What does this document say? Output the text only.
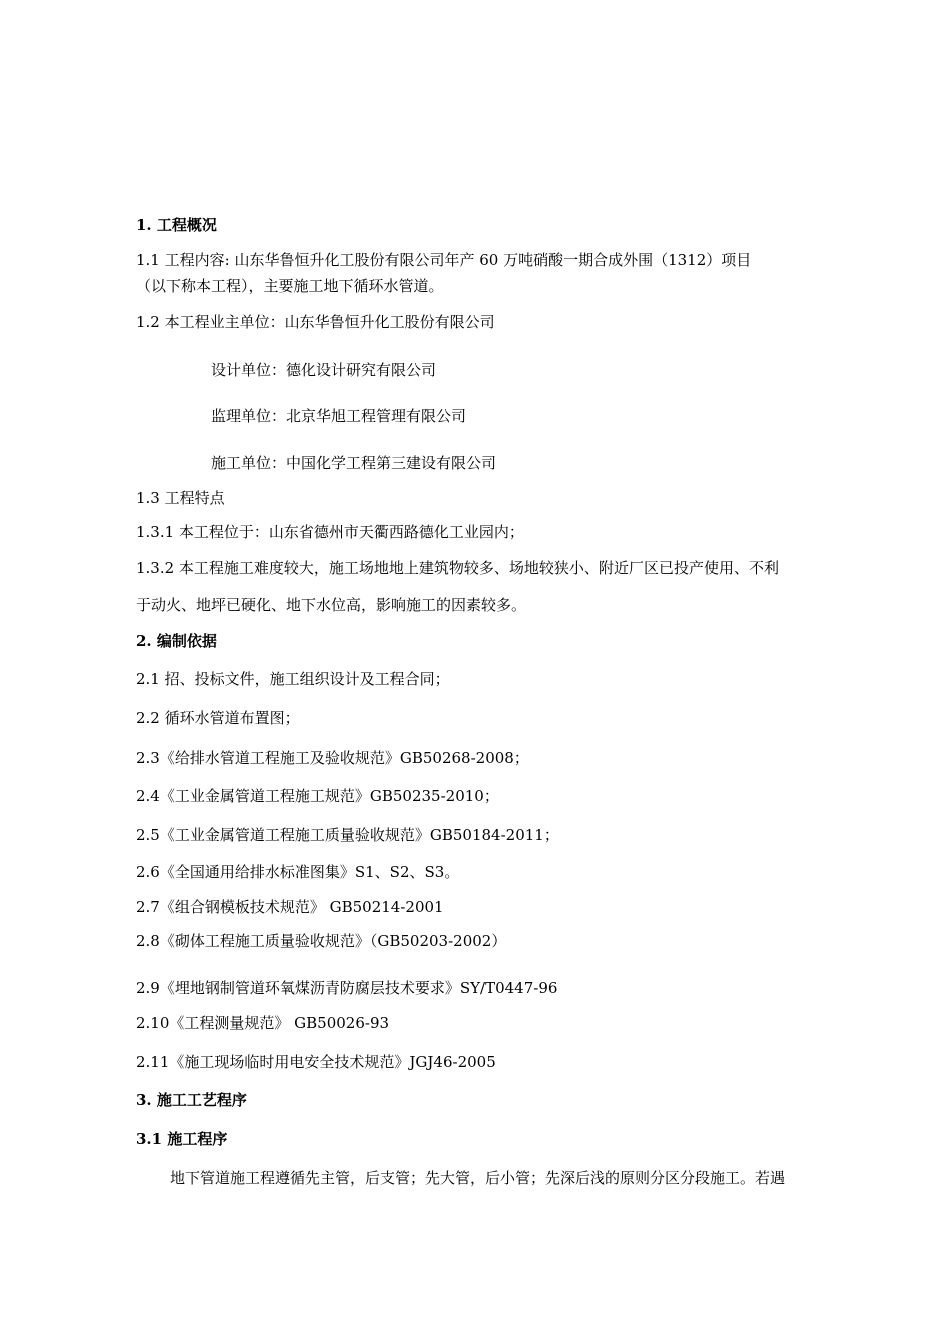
1. 工程概况
1.1 工程内容: 山东华鲁恒升化工股份有限公司年产 60 万吨硝酸一期合成外围（1312）项目
（以下称本工程），主要施工地下循环水管道。
1.2 本工程业主单位：山东华鲁恒升化工股份有限公司
设计单位：德化设计研究有限公司
监理单位：北京华旭工程管理有限公司
施工单位：中国化学工程第三建设有限公司
1.3 工程特点
1.3.1 本工程位于：山东省德州市天衢西路德化工业园内；
1.3.2 本工程施工难度较大，施工场地地上建筑物较多、场地较狭小、附近厂区已投产使用、不利
于动火、地坪已硬化、地下水位高，影响施工的因素较多。
2. 编制依据
2.1 招、投标文件，施工组织设计及工程合同；
2.2 循环水管道布置图；
2.3《给排水管道工程施工及验收规范》GB50268-2008；
2.4《工业金属管道工程施工规范》GB50235-2010；
2.5《工业金属管道工程施工质量验收规范》GB50184-2011；
2.6《全国通用给排水标准图集》S1、S2、S3。
2.7《组合钢模板技术规范》 GB50214-2001
2.8《砌体工程施工质量验收规范》（GB50203-2002）
2.9《埋地钢制管道环氧煤沥青防腐层技术要求》SY/T0447-96
2.10《工程测量规范》 GB50026-93
2.11《施工现场临时用电安全技术规范》JGJ46-2005
3. 施工工艺程序
3.1 施工程序
地下管道施工程遵循先主管，后支管；先大管，后小管；先深后浅的原则分区分段施工。若遇
